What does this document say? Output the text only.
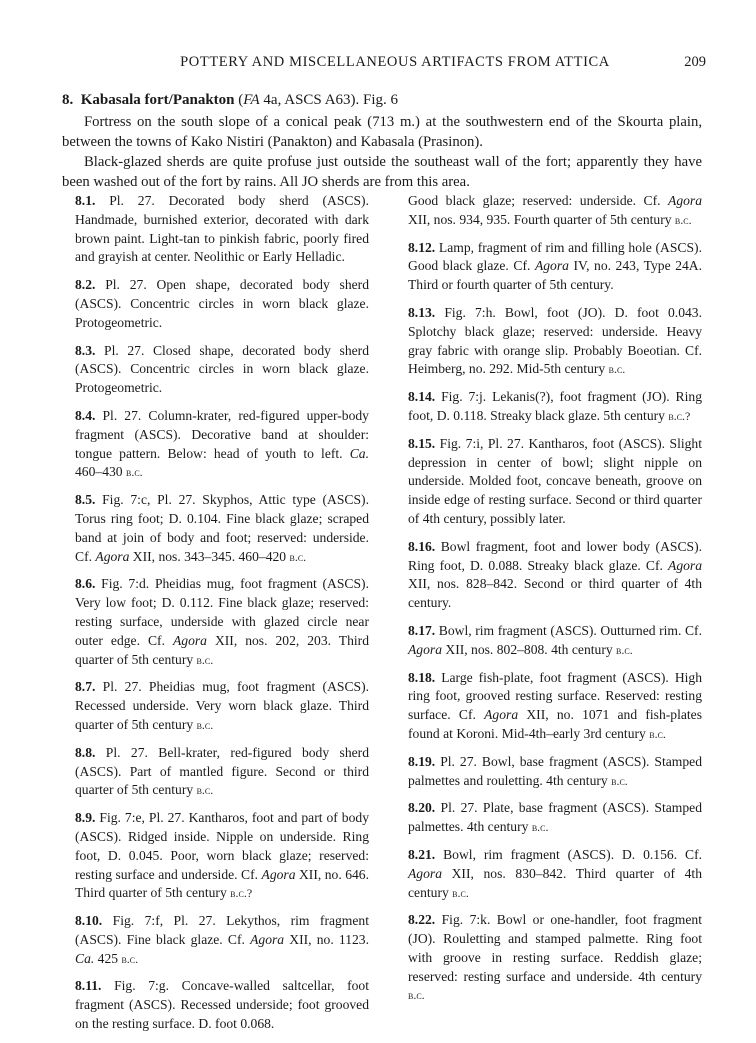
POTTERY AND MISCELLANEOUS ARTIFACTS FROM ATTICA	209
8. Kabasala fort/Panakton (FA 4a, ASCS A63). Fig. 6

Fortress on the south slope of a conical peak (713 m.) at the southwestern end of the Skourta plain, between the towns of Kako Nistiri (Panakton) and Kabasala (Prasinon).

Black-glazed sherds are quite profuse just outside the southeast wall of the fort; apparently they have been washed out of the fort by rains. All JO sherds are from this area.

8.1. Pl. 27. Decorated body sherd (ASCS). Handmade, burnished exterior, decorated with dark brown paint. Light-tan to pinkish fabric, poorly fired and grayish at center. Neolithic or Early Helladic.
8.2. Pl. 27. Open shape, decorated body sherd (ASCS). Concentric circles in worn black glaze. Protogeometric.
8.3. Pl. 27. Closed shape, decorated body sherd (ASCS). Concentric circles in worn black glaze. Protogeometric.
8.4. Pl. 27. Column-krater, red-figured upper-body fragment (ASCS). Decorative band at shoulder: tongue pattern. Below: head of youth to left. Ca. 460–430 b.c.
8.5. Fig. 7:c, Pl. 27. Skyphos, Attic type (ASCS). Torus ring foot; D. 0.104. Fine black glaze; scraped band at join of body and foot; reserved: underside. Cf. Agora XII, nos. 343–345. 460–420 b.c.
8.6. Fig. 7:d. Pheidias mug, foot fragment (ASCS). Very low foot; D. 0.112. Fine black glaze; reserved: resting surface, underside with glazed circle near outer edge. Cf. Agora XII, nos. 202, 203. Third quarter of 5th century b.c.
8.7. Pl. 27. Pheidias mug, foot fragment (ASCS). Recessed underside. Very worn black glaze. Third quarter of 5th century b.c.
8.8. Pl. 27. Bell-krater, red-figured body sherd (ASCS). Part of mantled figure. Second or third quarter of 5th century b.c.
8.9. Fig. 7:e, Pl. 27. Kantharos, foot and part of body (ASCS). Ridged inside. Nipple on underside. Ring foot, D. 0.045. Poor, worn black glaze; reserved: resting surface and underside. Cf. Agora XII, no. 646. Third quarter of 5th century b.c.?
8.10. Fig. 7:f, Pl. 27. Lekythos, rim fragment (ASCS). Fine black glaze. Cf. Agora XII, no. 1123. Ca. 425 b.c.
8.11. Fig. 7:g. Concave-walled saltcellar, foot fragment (ASCS). Recessed underside; foot grooved on the resting surface. D. foot 0.068.
Good black glaze; reserved: underside. Cf. Agora XII, nos. 934, 935. Fourth quarter of 5th century b.c.
8.12. Lamp, fragment of rim and filling hole (ASCS). Good black glaze. Cf. Agora IV, no. 243, Type 24A. Third or fourth quarter of 5th century.
8.13. Fig. 7:h. Bowl, foot (JO). D. foot 0.043. Splotchy black glaze; reserved: underside. Heavy gray fabric with orange slip. Probably Boeotian. Cf. Heimberg, no. 292. Mid-5th century b.c.
8.14. Fig. 7:j. Lekanis(?), foot fragment (JO). Ring foot, D. 0.118. Streaky black glaze. 5th century b.c.?
8.15. Fig. 7:i, Pl. 27. Kantharos, foot (ASCS). Slight depression in center of bowl; slight nipple on underside. Molded foot, concave beneath, groove on inside edge of resting surface. Second or third quarter of 4th century, possibly later.
8.16. Bowl fragment, foot and lower body (ASCS). Ring foot, D. 0.088. Streaky black glaze. Cf. Agora XII, nos. 828–842. Second or third quarter of 4th century.
8.17. Bowl, rim fragment (ASCS). Outturned rim. Cf. Agora XII, nos. 802–808. 4th century b.c.
8.18. Large fish-plate, foot fragment (ASCS). High ring foot, grooved resting surface. Reserved: resting surface. Cf. Agora XII, no. 1071 and fish-plates found at Koroni. Mid-4th–early 3rd century b.c.
8.19. Pl. 27. Bowl, base fragment (ASCS). Stamped palmettes and rouletting. 4th century b.c.
8.20. Pl. 27. Plate, base fragment (ASCS). Stamped palmettes. 4th century b.c.
8.21. Bowl, rim fragment (ASCS). D. 0.156. Cf. Agora XII, nos. 830–842. Third quarter of 4th century b.c.
8.22. Fig. 7:k. Bowl or one-handler, foot fragment (JO). Rouletting and stamped palmette. Ring foot with groove in resting surface. Reddish glaze; reserved: resting surface and underside. 4th century b.c.
